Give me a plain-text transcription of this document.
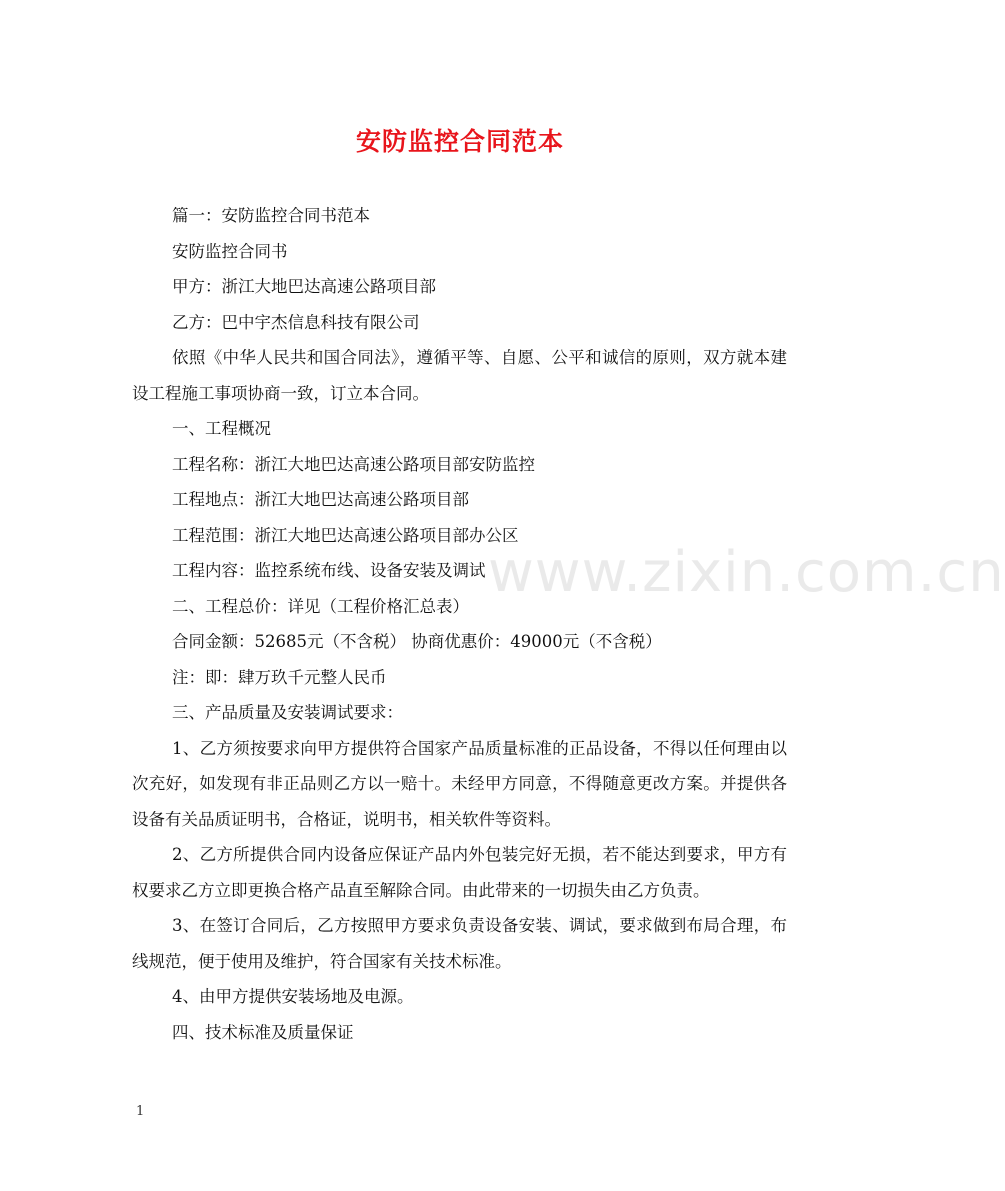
安防监控合同范本
www.zixin.com.cn

篇一：安防监控合同书范本

安防监控合同书

甲方：浙江大地巴达高速公路项目部

乙方：巴中宇杰信息科技有限公司

依照《中华人民共和国合同法》，遵循平等、自愿、公平和诚信的原则，双方就本建设工程施工事项协商一致，订立本合同。

一、工程概况

工程名称：浙江大地巴达高速公路项目部安防监控

工程地点：浙江大地巴达高速公路项目部

工程范围：浙江大地巴达高速公路项目部办公区

工程内容：监控系统布线、设备安装及调试

二、工程总价：详见（工程价格汇总表）

合同金额：52685元（不含税） 协商优惠价：49000元（不含税）

注：即：肆万玖千元整人民币

三、产品质量及安装调试要求：

1、乙方须按要求向甲方提供符合国家产品质量标准的正品设备，不得以任何理由以次充好，如发现有非正品则乙方以一赔十。未经甲方同意，不得随意更改方案。并提供各设备有关品质证明书，合格证，说明书，相关软件等资料。

2、乙方所提供合同内设备应保证产品内外包装完好无损，若不能达到要求，甲方有权要求乙方立即更换合格产品直至解除合同。由此带来的一切损失由乙方负责。

3、在签订合同后，乙方按照甲方要求负责设备安装、调试，要求做到布局合理，布线规范，便于使用及维护，符合国家有关技术标准。

4、由甲方提供安装场地及电源。

四、技术标准及质量保证

1
